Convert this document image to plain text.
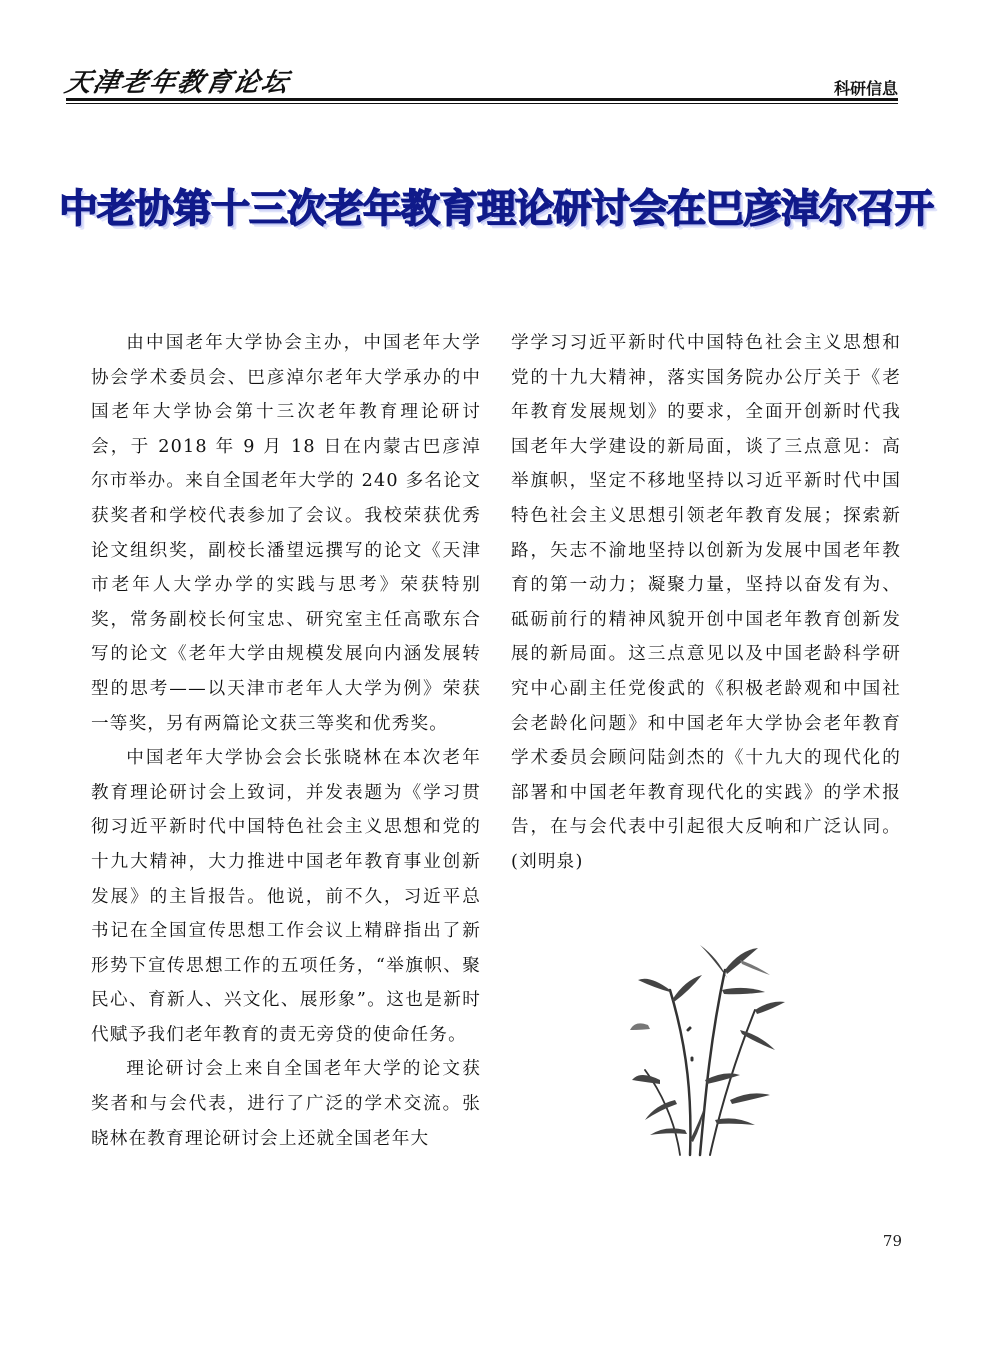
天津老年教育论坛	科研信息
中老协第十三次老年教育理论研讨会在巴彦淖尔召开

由中国老年大学协会主办，中国老年大学协会学术委员会、巴彦淖尔老年大学承办的中国老年大学协会第十三次老年教育理论研讨会，于 2018 年 9 月 18 日在内蒙古巴彦淖尔市举办。来自全国老年大学的 240 多名论文获奖者和学校代表参加了会议。我校荣获优秀论文组织奖，副校长潘望远撰写的论文《天津市老年人大学办学的实践与思考》荣获特别奖，常务副校长何宝忠、研究室主任高歌东合写的论文《老年大学由规模发展向内涵发展转型的思考——以天津市老年人大学为例》荣获一等奖，另有两篇论文获三等奖和优秀奖。

中国老年大学协会会长张晓林在本次老年教育理论研讨会上致词，并发表题为《学习贯彻习近平新时代中国特色社会主义思想和党的十九大精神，大力推进中国老年教育事业创新发展》的主旨报告。他说，前不久，习近平总书记在全国宣传思想工作会议上精辟指出了新形势下宣传思想工作的五项任务，“举旗帜、聚民心、育新人、兴文化、展形象”。这也是新时代赋予我们老年教育的责无旁贷的使命任务。

理论研讨会上来自全国老年大学的论文获奖者和与会代表，进行了广泛的学术交流。张晓林在教育理论研讨会上还就全国老年大

学学习习近平新时代中国特色社会主义思想和党的十九大精神，落实国务院办公厅关于《老年教育发展规划》的要求，全面开创新时代我国老年大学建设的新局面，谈了三点意见：高举旗帜，坚定不移地坚持以习近平新时代中国特色社会主义思想引领老年教育发展；探索新路，矢志不渝地坚持以创新为发展中国老年教育的第一动力；凝聚力量，坚持以奋发有为、砥砺前行的精神风貌开创中国老年教育创新发展的新局面。这三点意见以及中国老龄科学研究中心副主任党俊武的《积极老龄观和中国社会老龄化问题》和中国老年大学协会老年教育学术委员会顾问陆剑杰的《十九大的现代化的部署和中国老年教育现代化的实践》的学术报告，在与会代表中引起很大反响和广泛认同。(刘明泉)

79
